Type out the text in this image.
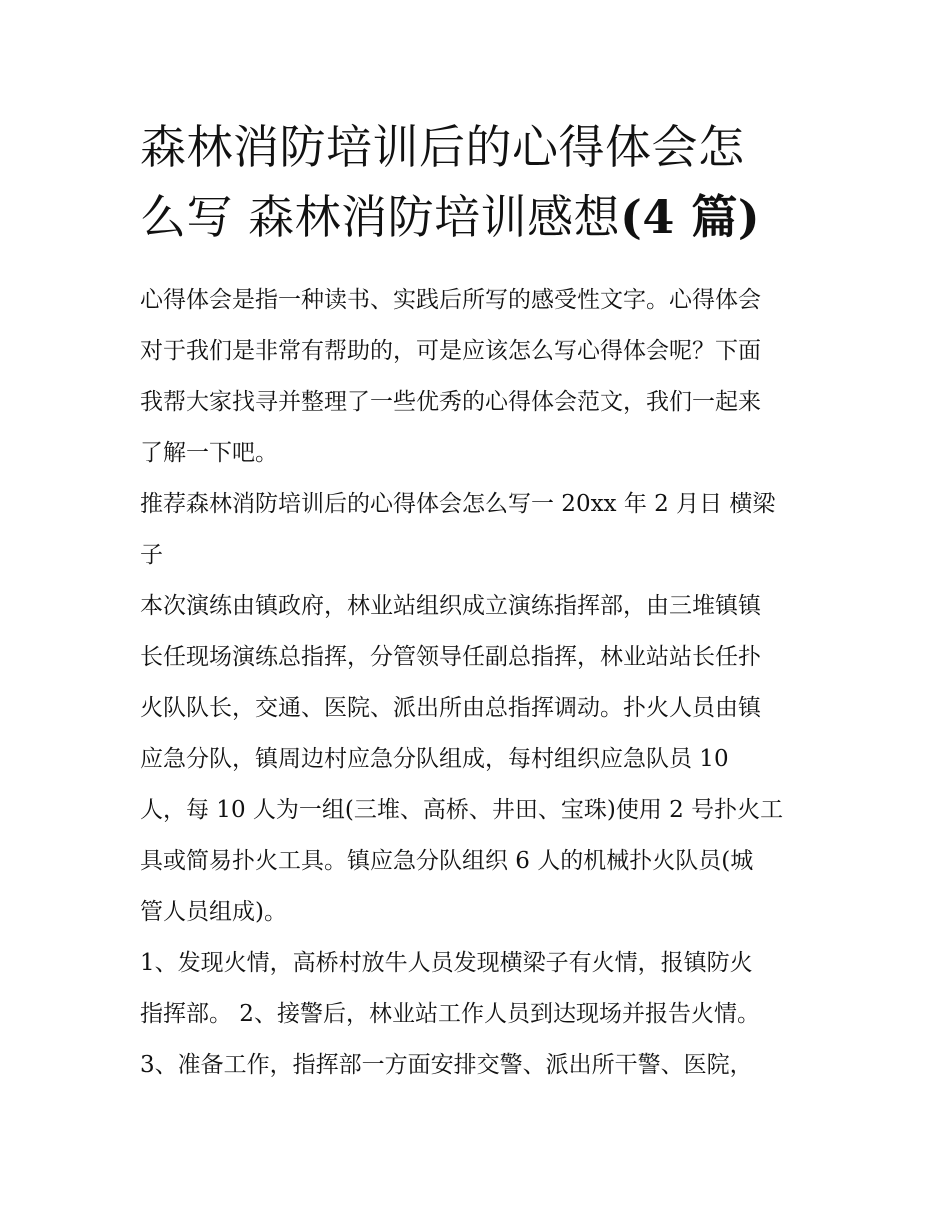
森林消防培训后的心得体会怎
么写 森林消防培训感想(4 篇)
心得体会是指一种读书、实践后所写的感受性文字。心得体会
对于我们是非常有帮助的，可是应该怎么写心得体会呢？下面
我帮大家找寻并整理了一些优秀的心得体会范文，我们一起来
了解一下吧。
推荐森林消防培训后的心得体会怎么写一 20xx 年 2 月日 横梁
子
本次演练由镇政府，林业站组织成立演练指挥部，由三堆镇镇
长任现场演练总指挥，分管领导任副总指挥，林业站站长任扑
火队队长，交通、医院、派出所由总指挥调动。扑火人员由镇
应急分队，镇周边村应急分队组成，每村组织应急队员 10
人，每 10 人为一组(三堆、高桥、井田、宝珠)使用 2 号扑火工
具或简易扑火工具。镇应急分队组织 6 人的机械扑火队员(城
管人员组成)。
1、发现火情，高桥村放牛人员发现横梁子有火情，报镇防火
指挥部。 2、接警后，林业站工作人员到达现场并报告火情。
3、准备工作，指挥部一方面安排交警、派出所干警、医院，
